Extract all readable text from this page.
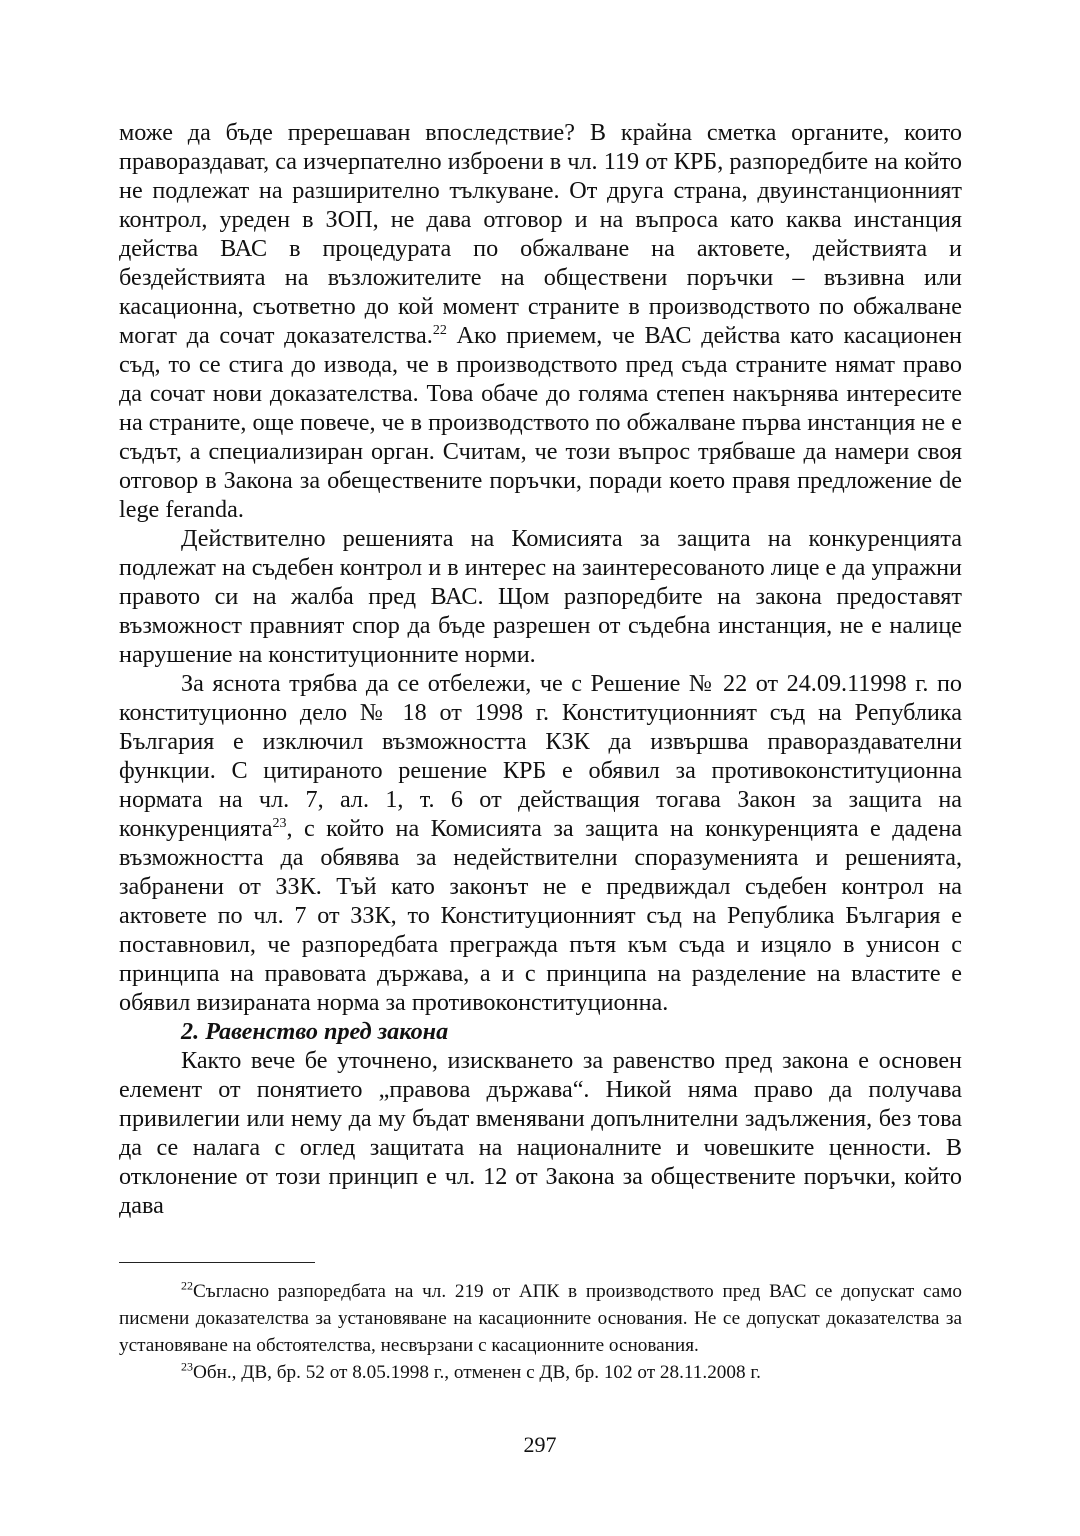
може да бъде пререшаван впоследствие? В крайна сметка органите, които правораздават, са изчерпателно изброени в чл. 119 от КРБ, разпоредбите на който не подлежат на разширително тълкуване. От друга страна, двуинстанционният контрол, уреден в ЗОП, не дава отговор и на въпроса като каква инстанция действа ВАС в процедурата по обжалване на актовете, действията и бездействията на възложителите на обществени поръчки – възивна или касационна, съответно до кой момент страните в производството по обжалване могат да сочат доказателства.$^{22}$ Ако приемем, че ВАС действа като касационен съд, то се стига до извода, че в производството пред съда страните нямат право да сочат нови доказателства. Това обаче до голяма степен накърнява интересите на страните, още повече, че в производството по обжалване първа инстанция не е съдът, а специализиран орган. Считам, че този въпрос трябваше да намери своя отговор в Закона за обеществените поръчки, поради което правя предложение de lege feranda.
Действително решенията на Комисията за защита на конкуренцията подлежат на съдебен контрол и в интерес на заинтересованото лице е да упражни правото си на жалба пред ВАС. Щом разпоредбите на закона предоставят възможност правният спор да бъде разрешен от съдебна инстанция, не е налице нарушение на конституционните норми.
За яснота трябва да се отбележи, че с Решение № 22 от 24.09.11998 г. по конституционно дело № 18 от 1998 г. Конституционният съд на Република България е изключил възможността КЗК да извършва правораздавателни функции. С цитираното решение КРБ е обявил за противоконституционна нормата на чл. 7, ал. 1, т. 6 от действащия тогава Закон за защита на конкуренцията$^{23}$, с който на Комисията за защита на конкуренцията е дадена възможността да обявява за недействителни споразуменията и решенията, забранени от ЗЗК. Тъй като законът не е предвиждал съдебен контрол на актовете по чл. 7 от ЗЗК, то Конституционният съд на Република България е поставновил, че разпоредбата преграждa пътя към съда и изцяло в унисон с принципа на правовата държава, а и с принципа на разделение на властите е обявил визираната норма за противоконституционна.
2. Равенство пред закона
Както вече бе уточнено, изискването за равенство пред закона е основен елемент от понятието „правова държава“. Никой няма право да получава привилегии или нему да му бъдат вменявани допълнителни задължения, без това да се налага с оглед защитата на националните и човешките ценности. В отклонение от този принцип е чл. 12 от Закона за обществените поръчки, който дава

$^{22}$Съгласно разпоредбата на чл. 219 от АПК в производството пред ВАС се допускат само писмени доказателства за установяване на касационните основания. Не се допускат доказателства за установяване на обстоятелства, несвързани с касационните основания.

$^{23}$Обн., ДВ, бр. 52 от 8.05.1998 г., отменен с ДВ, бр. 102 от 28.11.2008 г.

297
